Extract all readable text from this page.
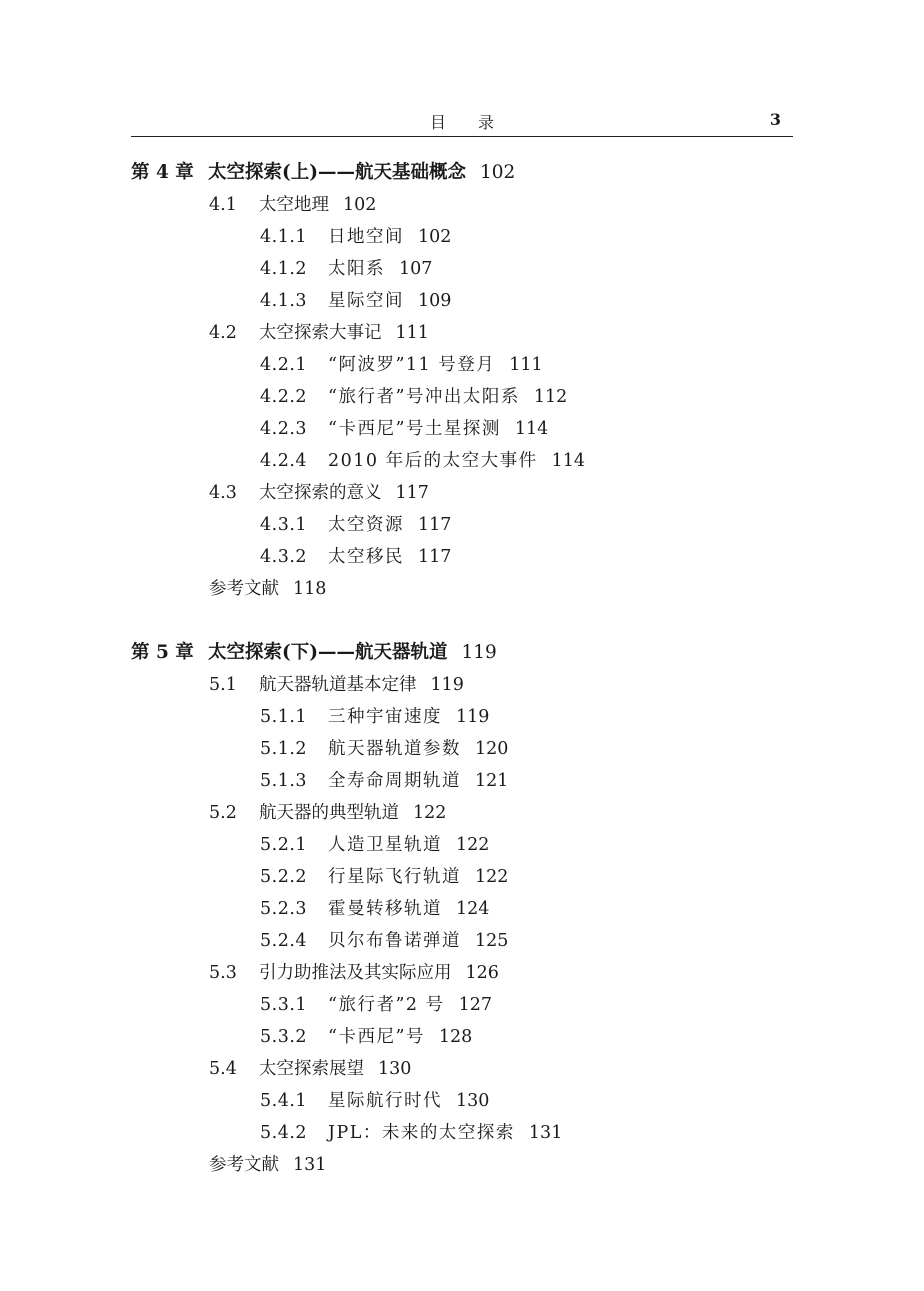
目　　录	3
第 4 章 太空探索(上)——航天基础概念 102
4.1 太空地理 102
4.1.1 日地空间 102
4.1.2 太阳系 107
4.1.3 星际空间 109
4.2 太空探索大事记 111
4.2.1 “阿波罗”11 号登月 111
4.2.2 “旅行者”号冲出太阳系 112
4.2.3 “卡西尼”号土星探测 114
4.2.4 2010 年后的太空大事件 114
4.3 太空探索的意义 117
4.3.1 太空资源 117
4.3.2 太空移民 117
参考文献 118
第 5 章 太空探索(下)——航天器轨道 119
5.1 航天器轨道基本定律 119
5.1.1 三种宇宙速度 119
5.1.2 航天器轨道参数 120
5.1.3 全寿命周期轨道 121
5.2 航天器的典型轨道 122
5.2.1 人造卫星轨道 122
5.2.2 行星际飞行轨道 122
5.2.3 霍曼转移轨道 124
5.2.4 贝尔布鲁诺弹道 125
5.3 引力助推法及其实际应用 126
5.3.1 “旅行者”2 号 127
5.3.2 “卡西尼”号 128
5.4 太空探索展望 130
5.4.1 星际航行时代 130
5.4.2 JPL：未来的太空探索 131
参考文献 131
